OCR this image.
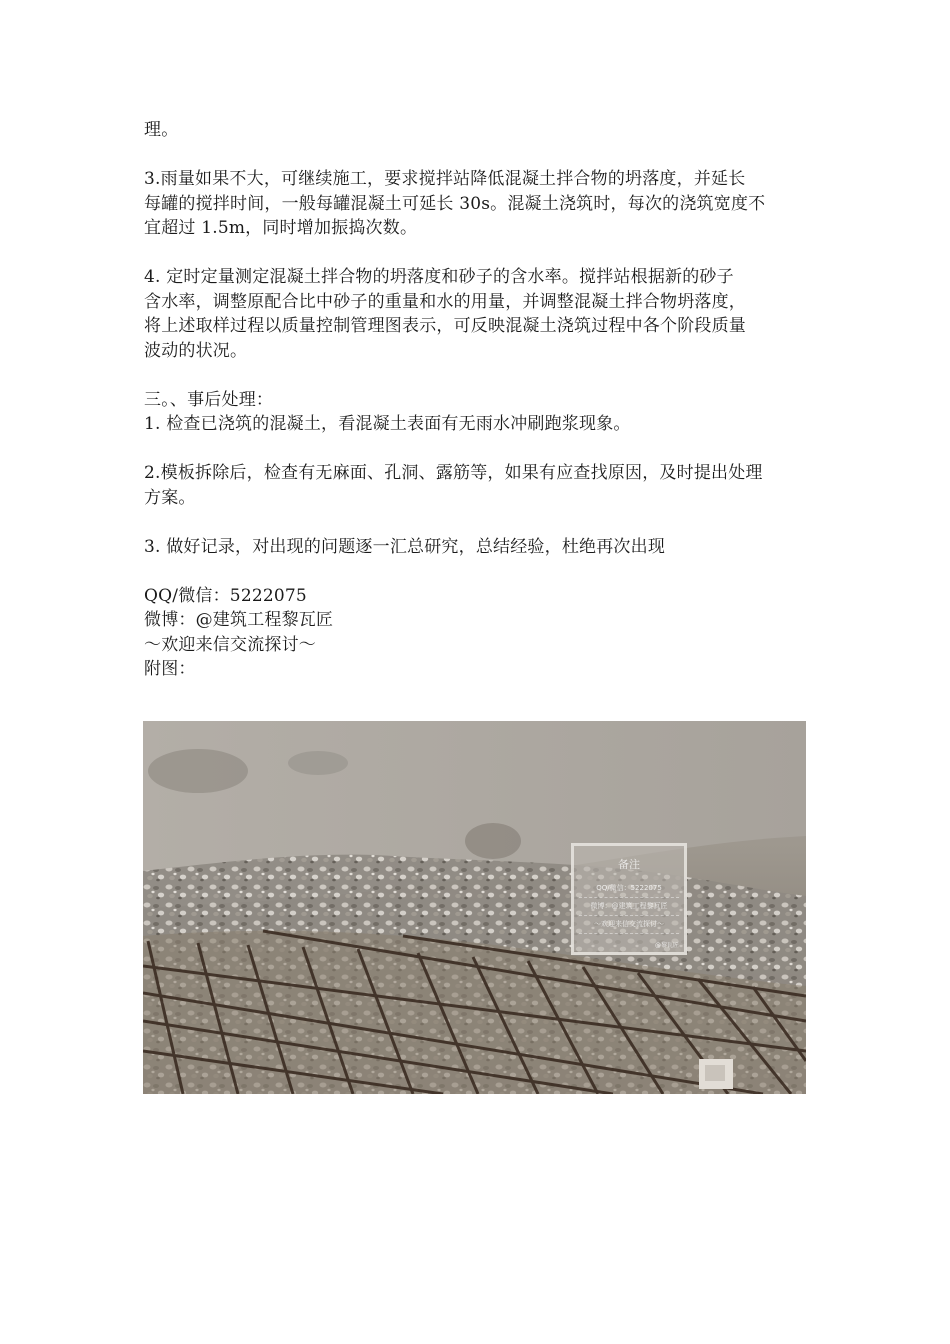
理。
3.雨量如果不大，可继续施工，要求搅拌站降低混凝土拌合物的坍落度，并延长
每罐的搅拌时间，一般每罐混凝土可延长 30s。混凝土浇筑时，每次的浇筑宽度不
宜超过 1.5m，同时增加振捣次数。
4. 定时定量测定混凝土拌合物的坍落度和砂子的含水率。搅拌站根据新的砂子
含水率，调整原配合比中砂子的重量和水的用量，并调整混凝土拌合物坍落度，
将上述取样过程以质量控制管理图表示，可反映混凝土浇筑过程中各个阶段质量
波动的状况。
三。、事后处理：
1. 检查已浇筑的混凝土，看混凝土表面有无雨水冲刷跑浆现象。
2.模板拆除后，检查有无麻面、孔洞、露筋等，如果有应查找原因，及时提出处理
方案。
3. 做好记录，对出现的问题逐一汇总研究，总结经验，杜绝再次出现
QQ/微信：5222075
微博：@建筑工程黎瓦匠
～欢迎来信交流探讨～
附图：
备注
QQ/微信：5222075
微博：@建筑工程黎瓦匠
～欢迎来信交流探讨～
@黎瓦匠
